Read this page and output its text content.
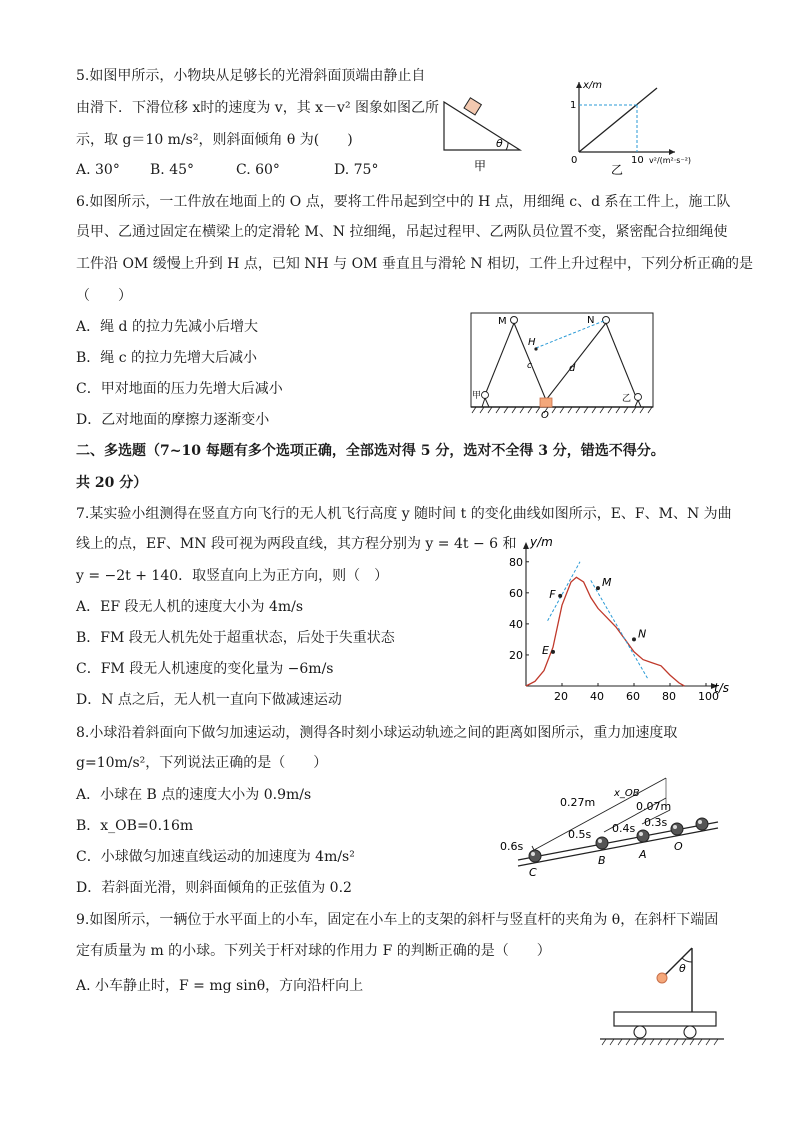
5.如图甲所示，小物块从足够长的光滑斜面顶端由静止自
由滑下．下滑位移 x时的速度为 v，其 x－v² 图象如图乙所
示，取 g＝10 m/s²，则斜面倾角 θ 为(　　)
A. 30° B. 45°	C. 60°	D. 75°
θ
甲
x/m
1
0	10 v²/(m²·s⁻²)
乙
6.如图所示，一工件放在地面上的 O 点，要将工件吊起到空中的 H 点，用细绳 c、d 系在工件上，施工队
员甲、乙通过固定在横梁上的定滑轮 M、N 拉细绳，吊起过程甲、乙两队员位置不变，紧密配合拉细绳使
工件沿 OM 缓慢上升到 H 点，已知 NH 与 OM 垂直且与滑轮 N 相切，工件上升过程中，下列分析正确的是
（　　）
A．绳 d 的拉力先减小后增大
B．绳 c 的拉力先增大后减小
C．甲对地面的压力先增大后减小
D．乙对地面的摩擦力逐渐变小
M	N
H
c	d
O
甲	乙
二、多选题（7~10 每题有多个选项正确，全部选对得 5 分，选对不全得 3 分，错选不得分。
共 20 分）
7.某实验小组测得在竖直方向飞行的无人机飞行高度 y 随时间 t 的变化曲线如图所示，E、F、M、N 为曲
线上的点，EF、MN 段可视为两段直线，其方程分别为 y = 4t − 6 和
y = −2t + 140．取竖直向上为正方向，则（　）
A．EF 段无人机的速度大小为 4m/s
B．FM 段无人机先处于超重状态，后处于失重状态
C．FM 段无人机速度的变化量为 −6m/s
D．N 点之后，无人机一直向下做减速运动	20 40 60 80 100
20
40
60
80
E
F
M
N
y/m
t/s
8.小球沿着斜面向下做匀加速运动，测得各时刻小球运动轨迹之间的距离如图所示，重力加速度取
g=10m/s²，下列说法正确的是（　　）
A．小球在 B 点的速度大小为 0.9m/s
B．x_OB=0.16m
C．小球做匀加速直线运动的加速度为 4m/s²
D．若斜面光滑，则斜面倾角的正弦值为 0.2
0.27m
x_OB
0.07m
0.6s
0.5s 0.4s 0.3s
C
B	A
O
9.如图所示，一辆位于水平面上的小车，固定在小车上的支架的斜杆与竖直杆的夹角为 θ，在斜杆下端固
定有质量为 m 的小球。下列关于杆对球的作用力 F 的判断正确的是（　　）
A. 小车静止时，F = mg sinθ，方向沿杆向上
θ
